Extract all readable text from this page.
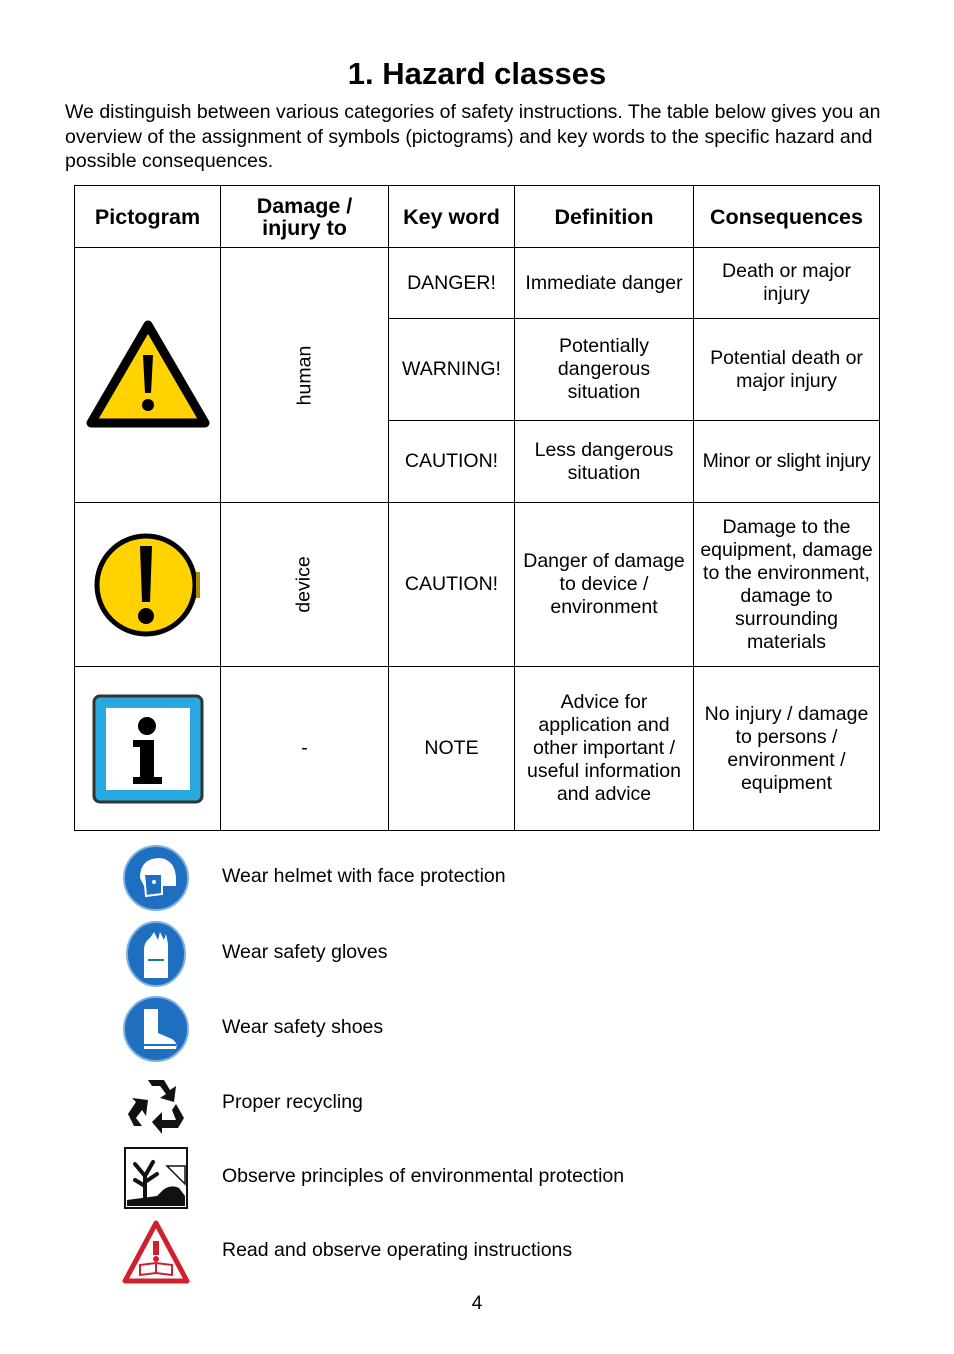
1. Hazard classes
We distinguish between various categories of safety instructions. The table below gives you an overview of the assignment of symbols (pictograms) and key words to the specific hazard and possible consequences.
Pictogram	Damage / injury to	Key word	Definition	Consequences

	human	DANGER!	Immediate danger	Death or major injury

		WARNING!	Potentially dangerous situation	Potential death or major injury

		CAUTION!	Less dangerous situation	Minor or slight injury

	device	CAUTION!	Danger of damage to device / environment	Damage to the equipment, damage to the environment, damage to surrounding materials

	-	NOTE	Advice for application and other important / useful information and advice	No injury / damage to persons / environment / equipment
Wear helmet with face protection
Wear safety gloves
Wear safety shoes
Proper recycling
Observe principles of environmental protection
Read and observe operating instructions
4
